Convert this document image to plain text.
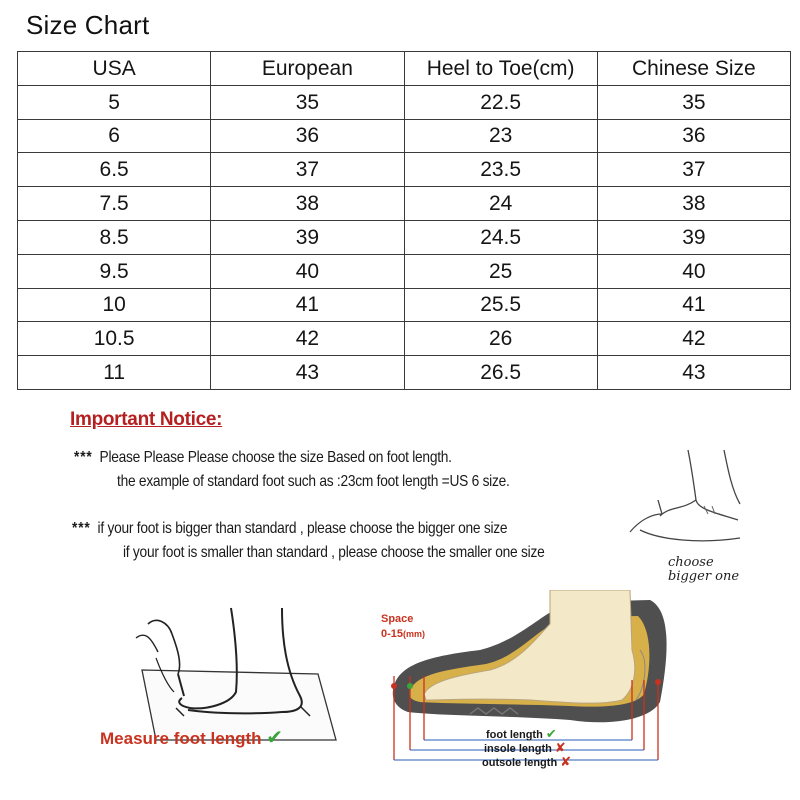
Size Chart
USA	European	Heel to Toe(cm)	Chinese Size
5	35	22.5	35
6	36	23	36
6.5	37	23.5	37
7.5	38	24	38
8.5	39	24.5	39
9.5	40	25	40
10	41	25.5	41
10.5	42	26	42
11	43	26.5	43
Important Notice:
*** Please Please Please choose the size Based on foot length.
the example of standard foot such as :23cm foot length =US 6 size.
*** if your foot is bigger than standard , please choose the bigger one size
if your foot is smaller than standard , please choose the smaller one size
choose
bigger one
Measure foot length ✔
Space
0-15(mm)
foot length ✔
insole length ✘
outsole length ✘
